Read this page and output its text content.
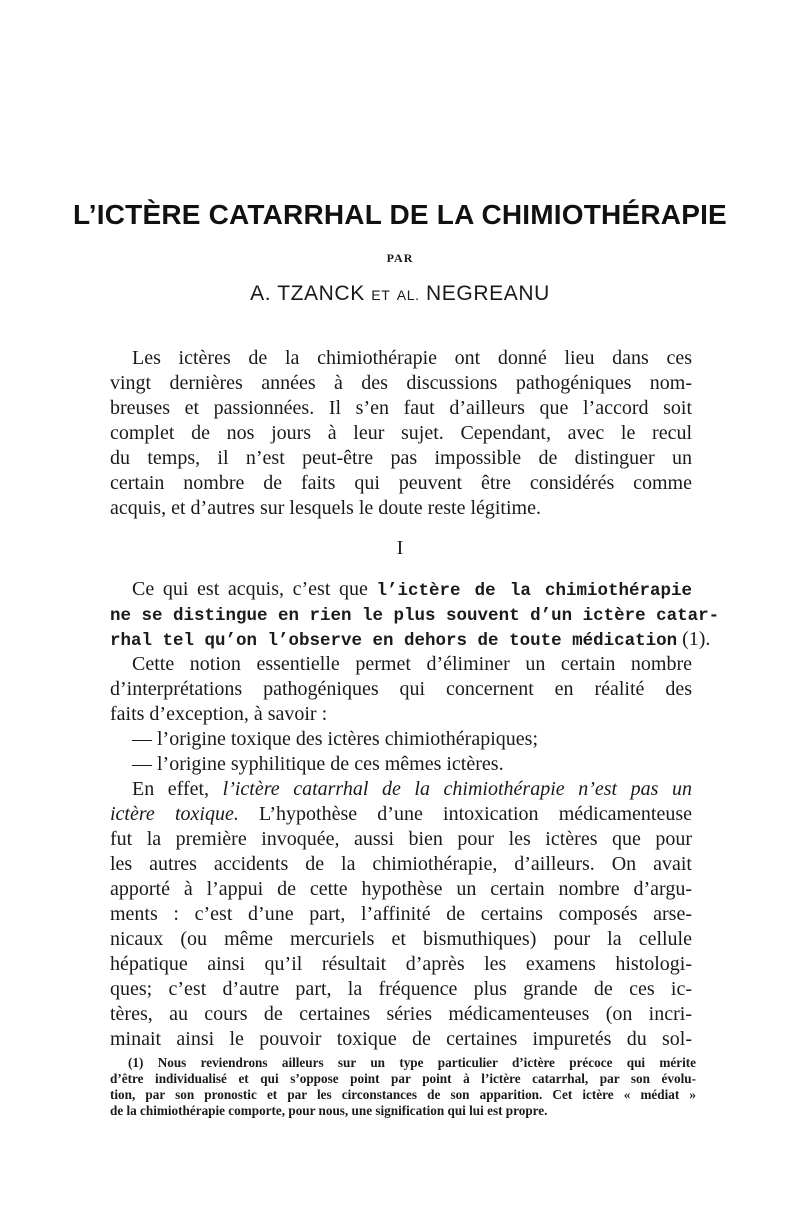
L’ICTÈRE CATARRHAL DE LA CHIMIOTHÉRAPIE
PAR
A. TZANCK ET AL. NEGREANU
Les ictères de la chimiothérapie ont donné lieu dans ces
vingt dernières années à des discussions pathogéniques nom-
breuses et passionnées. Il s’en faut d’ailleurs que l’accord soit
complet de nos jours à leur sujet. Cependant, avec le recul
du temps, il n’est peut-être pas impossible de distinguer un
certain nombre de faits qui peuvent être considérés comme
acquis, et d’autres sur lesquels le doute reste légitime.
I
Ce qui est acquis, c’est que l’ictère de la chimiothérapie
ne se distingue en rien le plus souvent d’un ictère catar-
rhal tel qu’on l’observe en dehors de toute médication (1).
Cette notion essentielle permet d’éliminer un certain nombre
d’interprétations pathogéniques qui concernent en réalité des
faits d’exception, à savoir :
— l’origine toxique des ictères chimiothérapiques;
— l’origine syphilitique de ces mêmes ictères.
En effet, l’ictère catarrhal de la chimiothérapie n’est pas un
ictère toxique. L’hypothèse d’une intoxication médicamenteuse
fut la première invoquée, aussi bien pour les ictères que pour
les autres accidents de la chimiothérapie, d’ailleurs. On avait
apporté à l’appui de cette hypothèse un certain nombre d’argu-
ments : c’est d’une part, l’affinité de certains composés arse-
nicaux (ou même mercuriels et bismuthiques) pour la cellule
hépatique ainsi qu’il résultait d’après les examens histologi-
ques; c’est d’autre part, la fréquence plus grande de ces ic-
tères, au cours de certaines séries médicamenteuses (on incri-
minait ainsi le pouvoir toxique de certaines impuretés du sol-
(1) Nous reviendrons ailleurs sur un type particulier d’ictère précoce qui mérite
d’être individualisé et qui s’oppose point par point à l’ictère catarrhal, par son évolu-
tion, par son pronostic et par les circonstances de son apparition. Cet ictère « médiat »
de la chimiothérapie comporte, pour nous, une signification qui lui est propre.
